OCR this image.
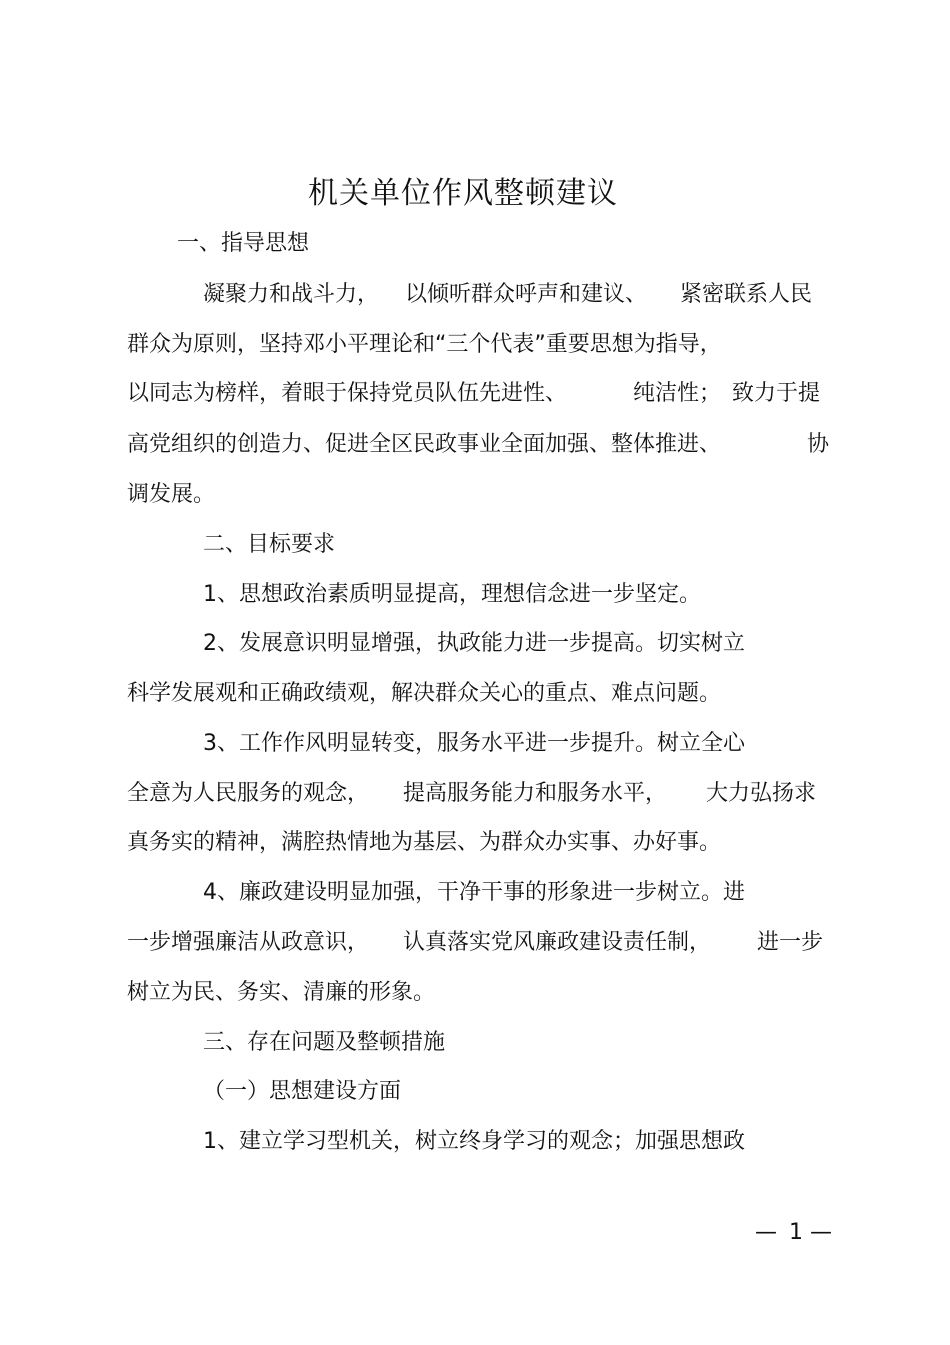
机关单位作风整顿建议
一、指导思想
凝聚力和战斗力， 以倾听群众呼声和建议、 紧密联系人民
群众为原则，坚持邓小平理论和“三个代表”重要思想为指导，
以同志为榜样，着眼于保持党员队伍先进性、	纯洁性； 致力于提
高党组织的创造力、促进全区民政事业全面加强、整体推进、	协
调发展。
二、目标要求
1、思想政治素质明显提高，理想信念进一步坚定。
2、发展意识明显增强，执政能力进一步提高。切实树立
科学发展观和正确政绩观，解决群众关心的重点、难点问题。
3、工作作风明显转变，服务水平进一步提升。树立全心
全意为人民服务的观念， 提高服务能力和服务水平， 大力弘扬求
真务实的精神，满腔热情地为基层、为群众办实事、办好事。
4、廉政建设明显加强，干净干事的形象进一步树立。进
一步增强廉洁从政意识， 认真落实党风廉政建设责任制， 进一步
树立为民、务实、清廉的形象。
三、存在问题及整顿措施
（一）思想建设方面
1、建立学习型机关，树立终身学习的观念；加强思想政
— 1 —
